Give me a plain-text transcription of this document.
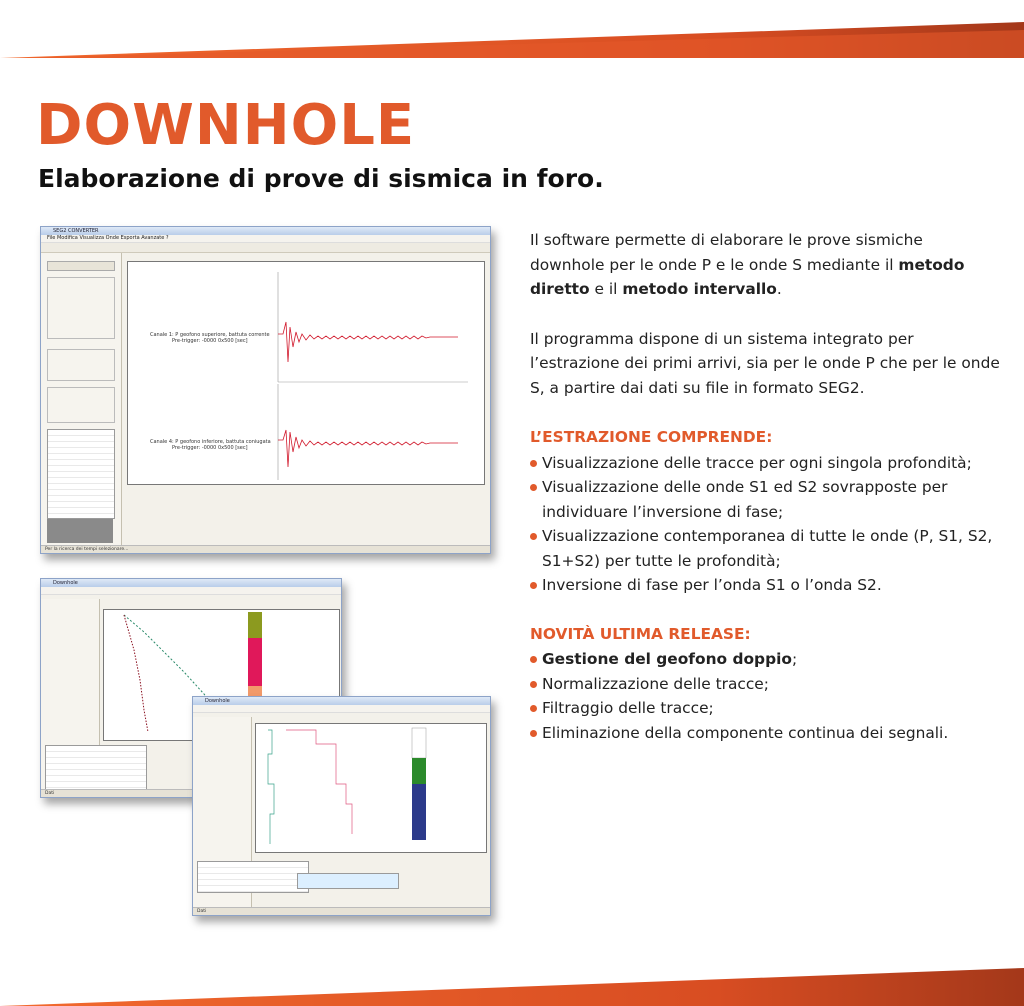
DOWNHOLE
Elaborazione di prove di sismica in foro.
SEG2 CONVERTER
File Modifica Visualizza Onde Esporta Avanzate ?
Canale 1: P geofono superiore, battuta corrente
Pre-trigger: -0000 0x500 [sec]
Canale 4: P geofono inferiore, battuta coniugata
Pre-trigger: -0000 0x500 [sec]
Per la ricerca dei tempi selezionare...
Downhole
Dati
Downhole
Dati

Il software permette di elaborare le prove sismiche downhole per le onde P e le onde S mediante il metodo diretto e il metodo intervallo.

Il programma dispone di un sistema integrato per l’estrazione dei primi arrivi, sia per le onde P che per le onde S, a partire dai dati su file in formato SEG2.

L’ESTRAZIONE COMPRENDE:
Visualizzazione delle tracce per ogni singola profondità;
Visualizzazione delle onde S1 ed S2 sovrapposte per individuare l’inversione di fase;
Visualizzazione contemporanea di tutte le onde (P, S1, S2, S1+S2) per tutte le profondità;
Inversione di fase per l’onda S1 o l’onda S2.
NOVITÀ ULTIMA RELEASE:
Gestione del geofono doppio;
Normalizzazione delle tracce;
Filtraggio delle tracce;
Eliminazione della componente continua dei segnali.
